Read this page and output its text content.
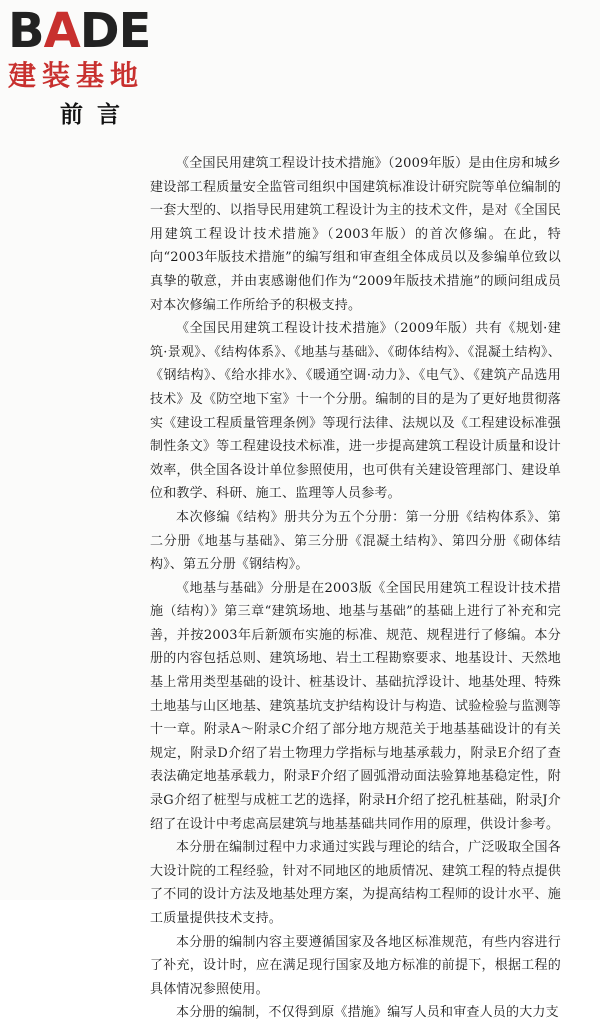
BADE
建装基地
前言

《全国民用建筑工程设计技术措施》（2009年版）是由住房和城乡建设部工程质量安全监管司组织中国建筑标准设计研究院等单位编制的一套大型的、以指导民用建筑工程设计为主的技术文件，是对《全国民用建筑工程设计技术措施》（2003年版）的首次修编。在此，特向“2003年版技术措施”的编写组和审查组全体成员以及参编单位致以真挚的敬意，并由衷感谢他们作为“2009年版技术措施”的顾问组成员对本次修编工作所给予的积极支持。

《全国民用建筑工程设计技术措施》（2009年版）共有《规划·建筑·景观》、《结构体系》、《地基与基础》、《砌体结构》、《混凝土结构》、《钢结构》、《给水排水》、《暖通空调·动力》、《电气》、《建筑产品选用技术》及《防空地下室》十一个分册。编制的目的是为了更好地贯彻落实《建设工程质量管理条例》等现行法律、法规以及《工程建设标准强制性条文》等工程建设技术标准，进一步提高建筑工程设计质量和设计效率，供全国各设计单位参照使用，也可供有关建设管理部门、建设单位和教学、科研、施工、监理等人员参考。

本次修编《结构》册共分为五个分册：第一分册《结构体系》、第二分册《地基与基础》、第三分册《混凝土结构》、第四分册《砌体结构》、第五分册《钢结构》。

《地基与基础》分册是在2003版《全国民用建筑工程设计技术措施（结构）》第三章“建筑场地、地基与基础”的基础上进行了补充和完善，并按2003年后新颁布实施的标准、规范、规程进行了修编。本分册的内容包括总则、建筑场地、岩土工程勘察要求、地基设计、天然地基上常用类型基础的设计、桩基设计、基础抗浮设计、地基处理、特殊土地基与山区地基、建筑基坑支护结构设计与构造、试验检验与监测等十一章。附录A～附录C介绍了部分地方规范关于地基基础设计的有关规定，附录D介绍了岩土物理力学指标与地基承载力，附录E介绍了查表法确定地基承载力，附录F介绍了圆弧滑动面法验算地基稳定性，附录G介绍了桩型与成桩工艺的选择，附录H介绍了挖孔桩基础，附录J介绍了在设计中考虑高层建筑与地基基础共同作用的原理，供设计参考。

本分册在编制过程中力求通过实践与理论的结合，广泛吸取全国各大设计院的工程经验，针对不同地区的地质情况、建筑工程的特点提供了不同的设计方法及地基处理方案，为提高结构工程师的设计水平、施工质量提供技术支持。

本分册的编制内容主要遵循国家及各地区标准规范，有些内容进行了补充，设计时，应在满足现行国家及地方标准的前提下，根据工程的具体情况参照使用。

本分册的编制，不仅得到原《措施》编写人员和审查人员的大力支
